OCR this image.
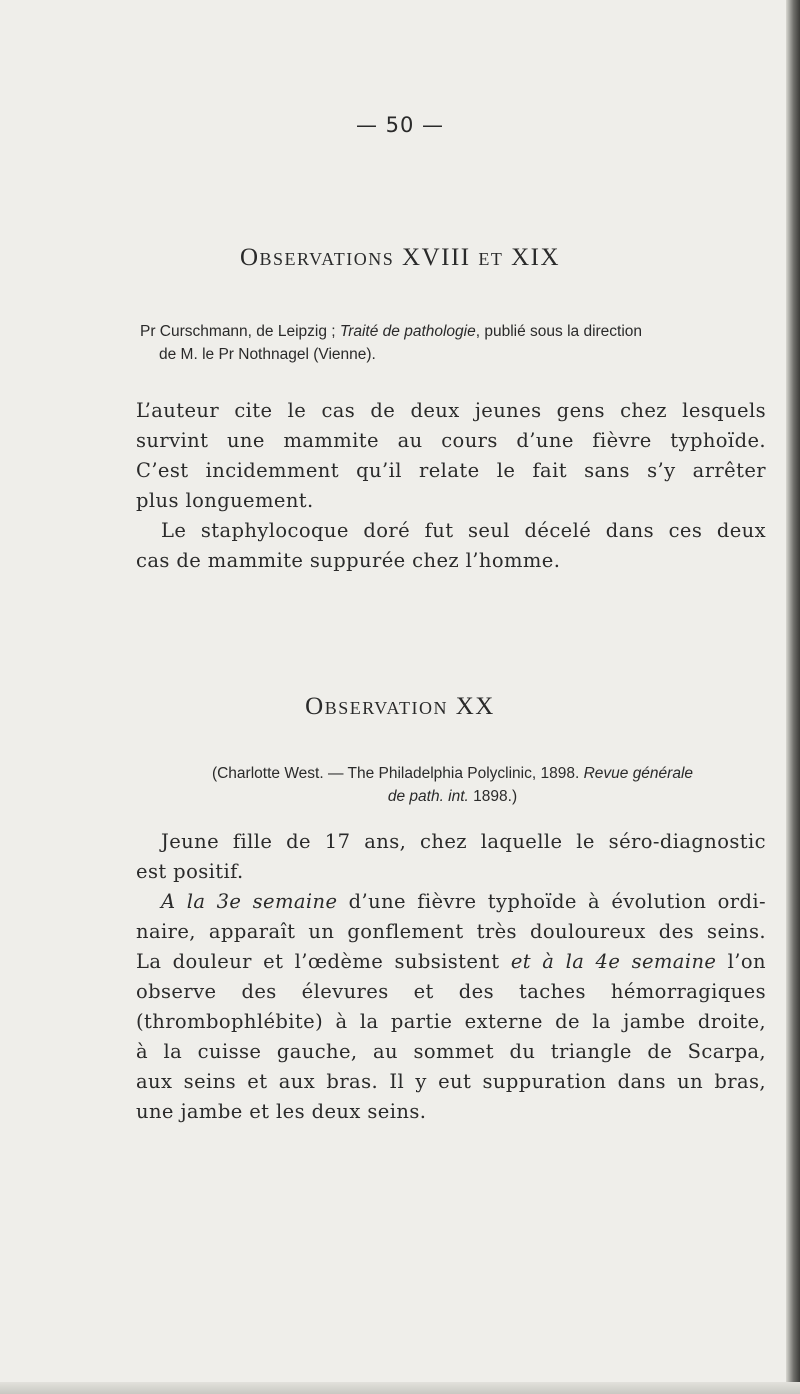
— 50 —
Observations XVIII et XIX
Pr Curschmann, de Leipzig ; Traité de pathologie, publié sous la direction
de M. le Pr Nothnagel (Vienne).
L’auteur cite le cas de deux jeunes gens chez lesquels
survint une mammite au cours d’une fièvre typhoïde.
C’est incidemment qu’il relate le fait sans s’y arrêter
plus longuement.
Le staphylocoque doré fut seul décelé dans ces deux
cas de mammite suppurée chez l’homme.
Observation XX
(Charlotte West. — The Philadelphia Polyclinic, 1898. Revue générale
de path. int. 1898.)
Jeune fille de 17 ans, chez laquelle le séro-diagnostic
est positif.
A la 3e semaine d’une fièvre typhoïde à évolution ordi-
naire, apparaît un gonflement très douloureux des seins.
La douleur et l’œdème subsistent et à la 4e semaine l’on
observe des élevures et des taches hémorragiques
(thrombophlébite) à la partie externe de la jambe droite,
à la cuisse gauche, au sommet du triangle de Scarpa,
aux seins et aux bras. Il y eut suppuration dans un bras,
une jambe et les deux seins.
